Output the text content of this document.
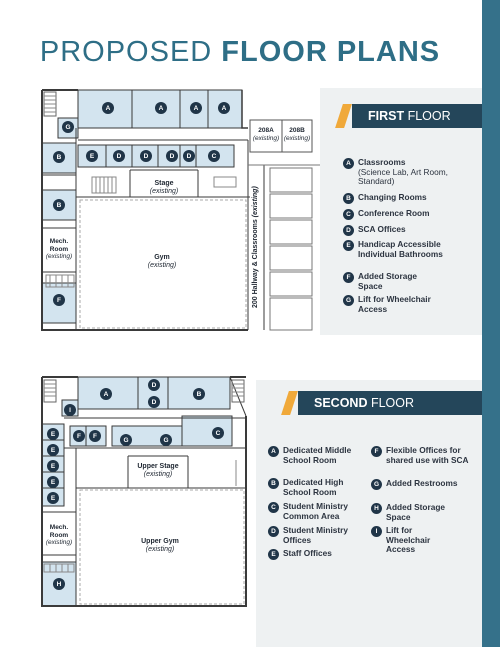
PROPOSED FLOOR PLANS
FIRST FLOOR
A Classrooms
(Science Lab, Art Room, Standard)
B Changing Rooms
C Conference Room
D SCA Offices
E Handicap Accessible Individual Bathrooms
F Added Storage Space
G Lift for Wheelchair Access
A	A	A	A
G
B	E	D	D	D	D	C
B
F
208A
(existing)
208B
(existing)
Stage
(existing)
Gym
(existing)
Mech. Room
(existing)	200 Hallway & Classrooms (existing)
SECOND FLOOR
A Dedicated Middle School Room
B Dedicated High School Room
C Student Ministry Common Area
D Student Ministry Offices
E Staff Offices
F Flexible Offices for shared use with SCA
G Added Restrooms
H Added Storage Space
I	Lift for Wheelchair Access
A
D
D
B
I
E
E
E
E
E
F	F
G	G
C
H
Upper Stage
(existing)
Upper Gym
(existing)
Mech. Room
(existing)
